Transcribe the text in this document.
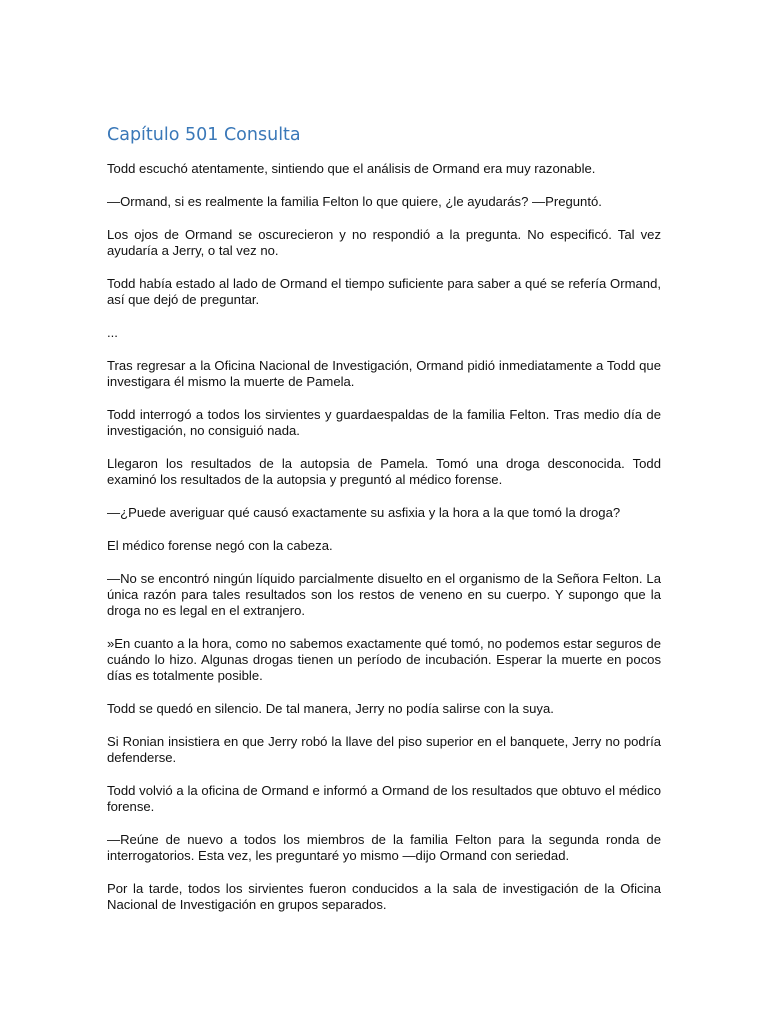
Capítulo 501 Consulta

Todd escuchó atentamente, sintiendo que el análisis de Ormand era muy razonable.

—Ormand, si es realmente la familia Felton lo que quiere, ¿le ayudarás? —Preguntó.

Los ojos de Ormand se oscurecieron y no respondió a la pregunta. No especificó. Tal vez ayudaría a Jerry, o tal vez no.

Todd había estado al lado de Ormand el tiempo suficiente para saber a qué se refería Ormand, así que dejó de preguntar.

...

Tras regresar a la Oficina Nacional de Investigación, Ormand pidió inmediatamente a Todd que investigara él mismo la muerte de Pamela.

Todd interrogó a todos los sirvientes y guardaespaldas de la familia Felton. Tras medio día de investigación, no consiguió nada.

Llegaron los resultados de la autopsia de Pamela. Tomó una droga desconocida. Todd examinó los resultados de la autopsia y preguntó al médico forense.

—¿Puede averiguar qué causó exactamente su asfixia y la hora a la que tomó la droga?

El médico forense negó con la cabeza.

—No se encontró ningún líquido parcialmente disuelto en el organismo de la Señora Felton. La única razón para tales resultados son los restos de veneno en su cuerpo. Y supongo que la droga no es legal en el extranjero.

»En cuanto a la hora, como no sabemos exactamente qué tomó, no podemos estar seguros de cuándo lo hizo. Algunas drogas tienen un período de incubación. Esperar la muerte en pocos días es totalmente posible.

Todd se quedó en silencio. De tal manera, Jerry no podía salirse con la suya.

Si Ronian insistiera en que Jerry robó la llave del piso superior en el banquete, Jerry no podría defenderse.

Todd volvió a la oficina de Ormand e informó a Ormand de los resultados que obtuvo el médico forense.

—Reúne de nuevo a todos los miembros de la familia Felton para la segunda ronda de interrogatorios. Esta vez, les preguntaré yo mismo —dijo Ormand con seriedad.

Por la tarde, todos los sirvientes fueron conducidos a la sala de investigación de la Oficina Nacional de Investigación en grupos separados.
